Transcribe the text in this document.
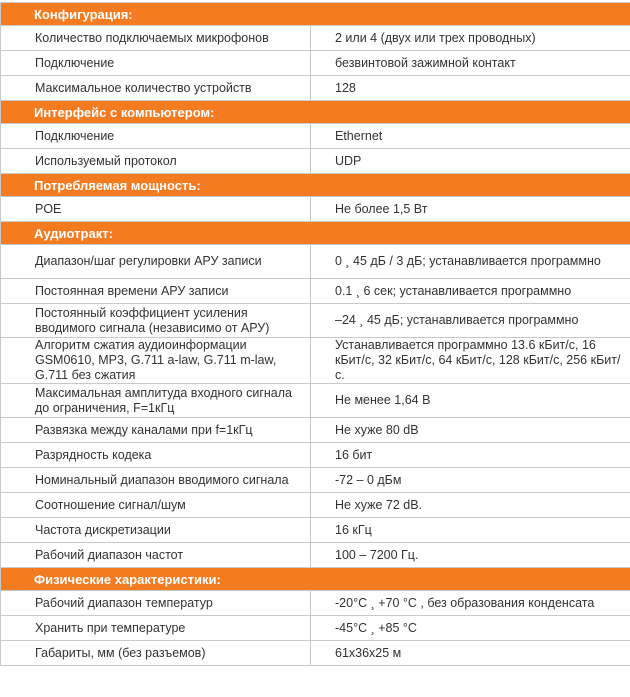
Конфигурация:	
Количество подключаемых микрофонов	2 или 4 (двух или трех проводных)
Подключение	безвинтовой зажимной контакт
Максимальное количество устройств	128
Интерфейс с компьютером:	
Подключение	Ethernet
Используемый протокол	UDP
Потребляемая мощность:	
POE	Не более 1,5 Вт
Аудиотракт:	
Диапазон/шаг регулировки АРУ записи	0 ¸ 45 дБ / 3 дБ; устанавливается программно
Постоянная времени АРУ записи	0.1 ¸ 6 сек; устанавливается программно
Постоянный коэффициент усиления вводимого сигнала (независимо от АРУ)	–24 ¸ 45 дБ; устанавливается программно
Алгоритм сжатия аудиоинформации GSM0610, MP3, G.711 a-law, G.711 m-law, G.711 без сжатия	Устанавливается программно 13.6 кБит/с, 16 кБит/с, 32 кБит/с, 64 кБит/с, 128 кБит/с, 256 кБит/с.
Максимальная амплитуда входного сигнала до ограничения, F=1кГц	Не менее 1,64 В
Развязка между каналами при f=1кГц	Не хуже 80 dB
Разрядность кодека	16 бит
Номинальный диапазон вводимого сигнала	-72 – 0 дБм
Соотношение сигнал/шум	Не хуже 72 dB.
Частота дискретизации	16 кГц
Рабочий диапазон частот	100 – 7200 Гц.
Физические характеристики:	
Рабочий диапазон температур	-20°C ¸ +70 °C , без образования конденсата
Хранить при температуре	-45°C ¸ +85 °C
Габариты, мм (без разъемов)	61x36x25 м
